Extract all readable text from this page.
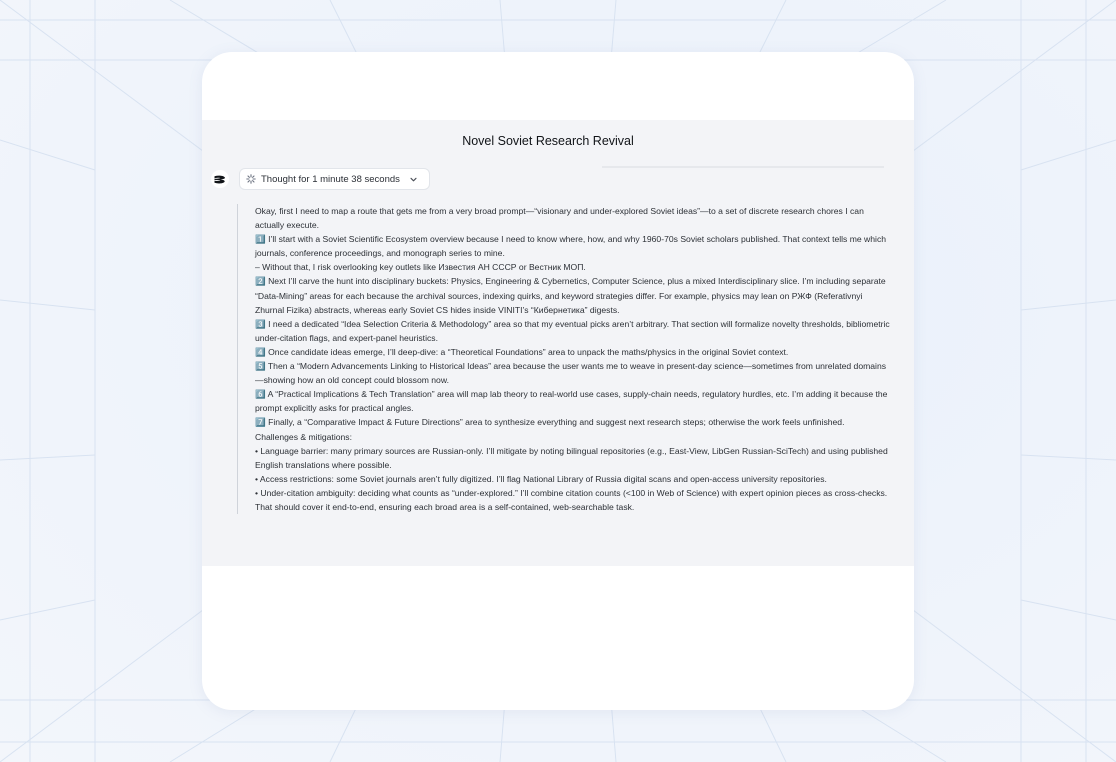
Novel Soviet Research Revival
Thought for 1 minute 38 seconds

Okay, first I need to map a route that gets me from a very broad prompt—“visionary and under-explored Soviet ideas”—to a set of discrete research chores I can actually execute.

1️⃣ I’ll start with a Soviet Scientific Ecosystem overview because I need to know where, how, and why 1960-70s Soviet scholars published. That context tells me which journals, conference proceedings, and monograph series to mine.

– Without that, I risk overlooking key outlets like Известия АН СССР or Вестник МОП.

2️⃣ Next I’ll carve the hunt into disciplinary buckets: Physics, Engineering & Cybernetics, Computer Science, plus a mixed Interdisciplinary slice. I’m including separate “Data-Mining” areas for each because the archival sources, indexing quirks, and keyword strategies differ. For example, physics may lean on РЖФ (Referativnyi Zhurnal Fizika) abstracts, whereas early Soviet CS hides inside VINITI’s “Кибернетика” digests.

3️⃣ I need a dedicated “Idea Selection Criteria & Methodology” area so that my eventual picks aren’t arbitrary. That section will formalize novelty thresholds, bibliometric under-citation flags, and expert-panel heuristics.

4️⃣ Once candidate ideas emerge, I’ll deep-dive: a “Theoretical Foundations” area to unpack the maths/physics in the original Soviet context.

5️⃣ Then a “Modern Advancements Linking to Historical Ideas” area because the user wants me to weave in present-day science—sometimes from unrelated domains—showing how an old concept could blossom now.

6️⃣ A “Practical Implications & Tech Translation” area will map lab theory to real-world use cases, supply-chain needs, regulatory hurdles, etc. I’m adding it because the prompt explicitly asks for practical angles.

7️⃣ Finally, a “Comparative Impact & Future Directions” area to synthesize everything and suggest next research steps; otherwise the work feels unfinished.

Challenges & mitigations:

• Language barrier: many primary sources are Russian-only. I’ll mitigate by noting bilingual repositories (e.g., East-View, LibGen Russian-SciTech) and using published English translations where possible.

• Access restrictions: some Soviet journals aren’t fully digitized. I’ll flag National Library of Russia digital scans and open-access university repositories.

• Under-citation ambiguity: deciding what counts as “under-explored.” I’ll combine citation counts (<100 in Web of Science) with expert opinion pieces as cross-checks.

That should cover it end-to-end, ensuring each broad area is a self-contained, web-searchable task.
